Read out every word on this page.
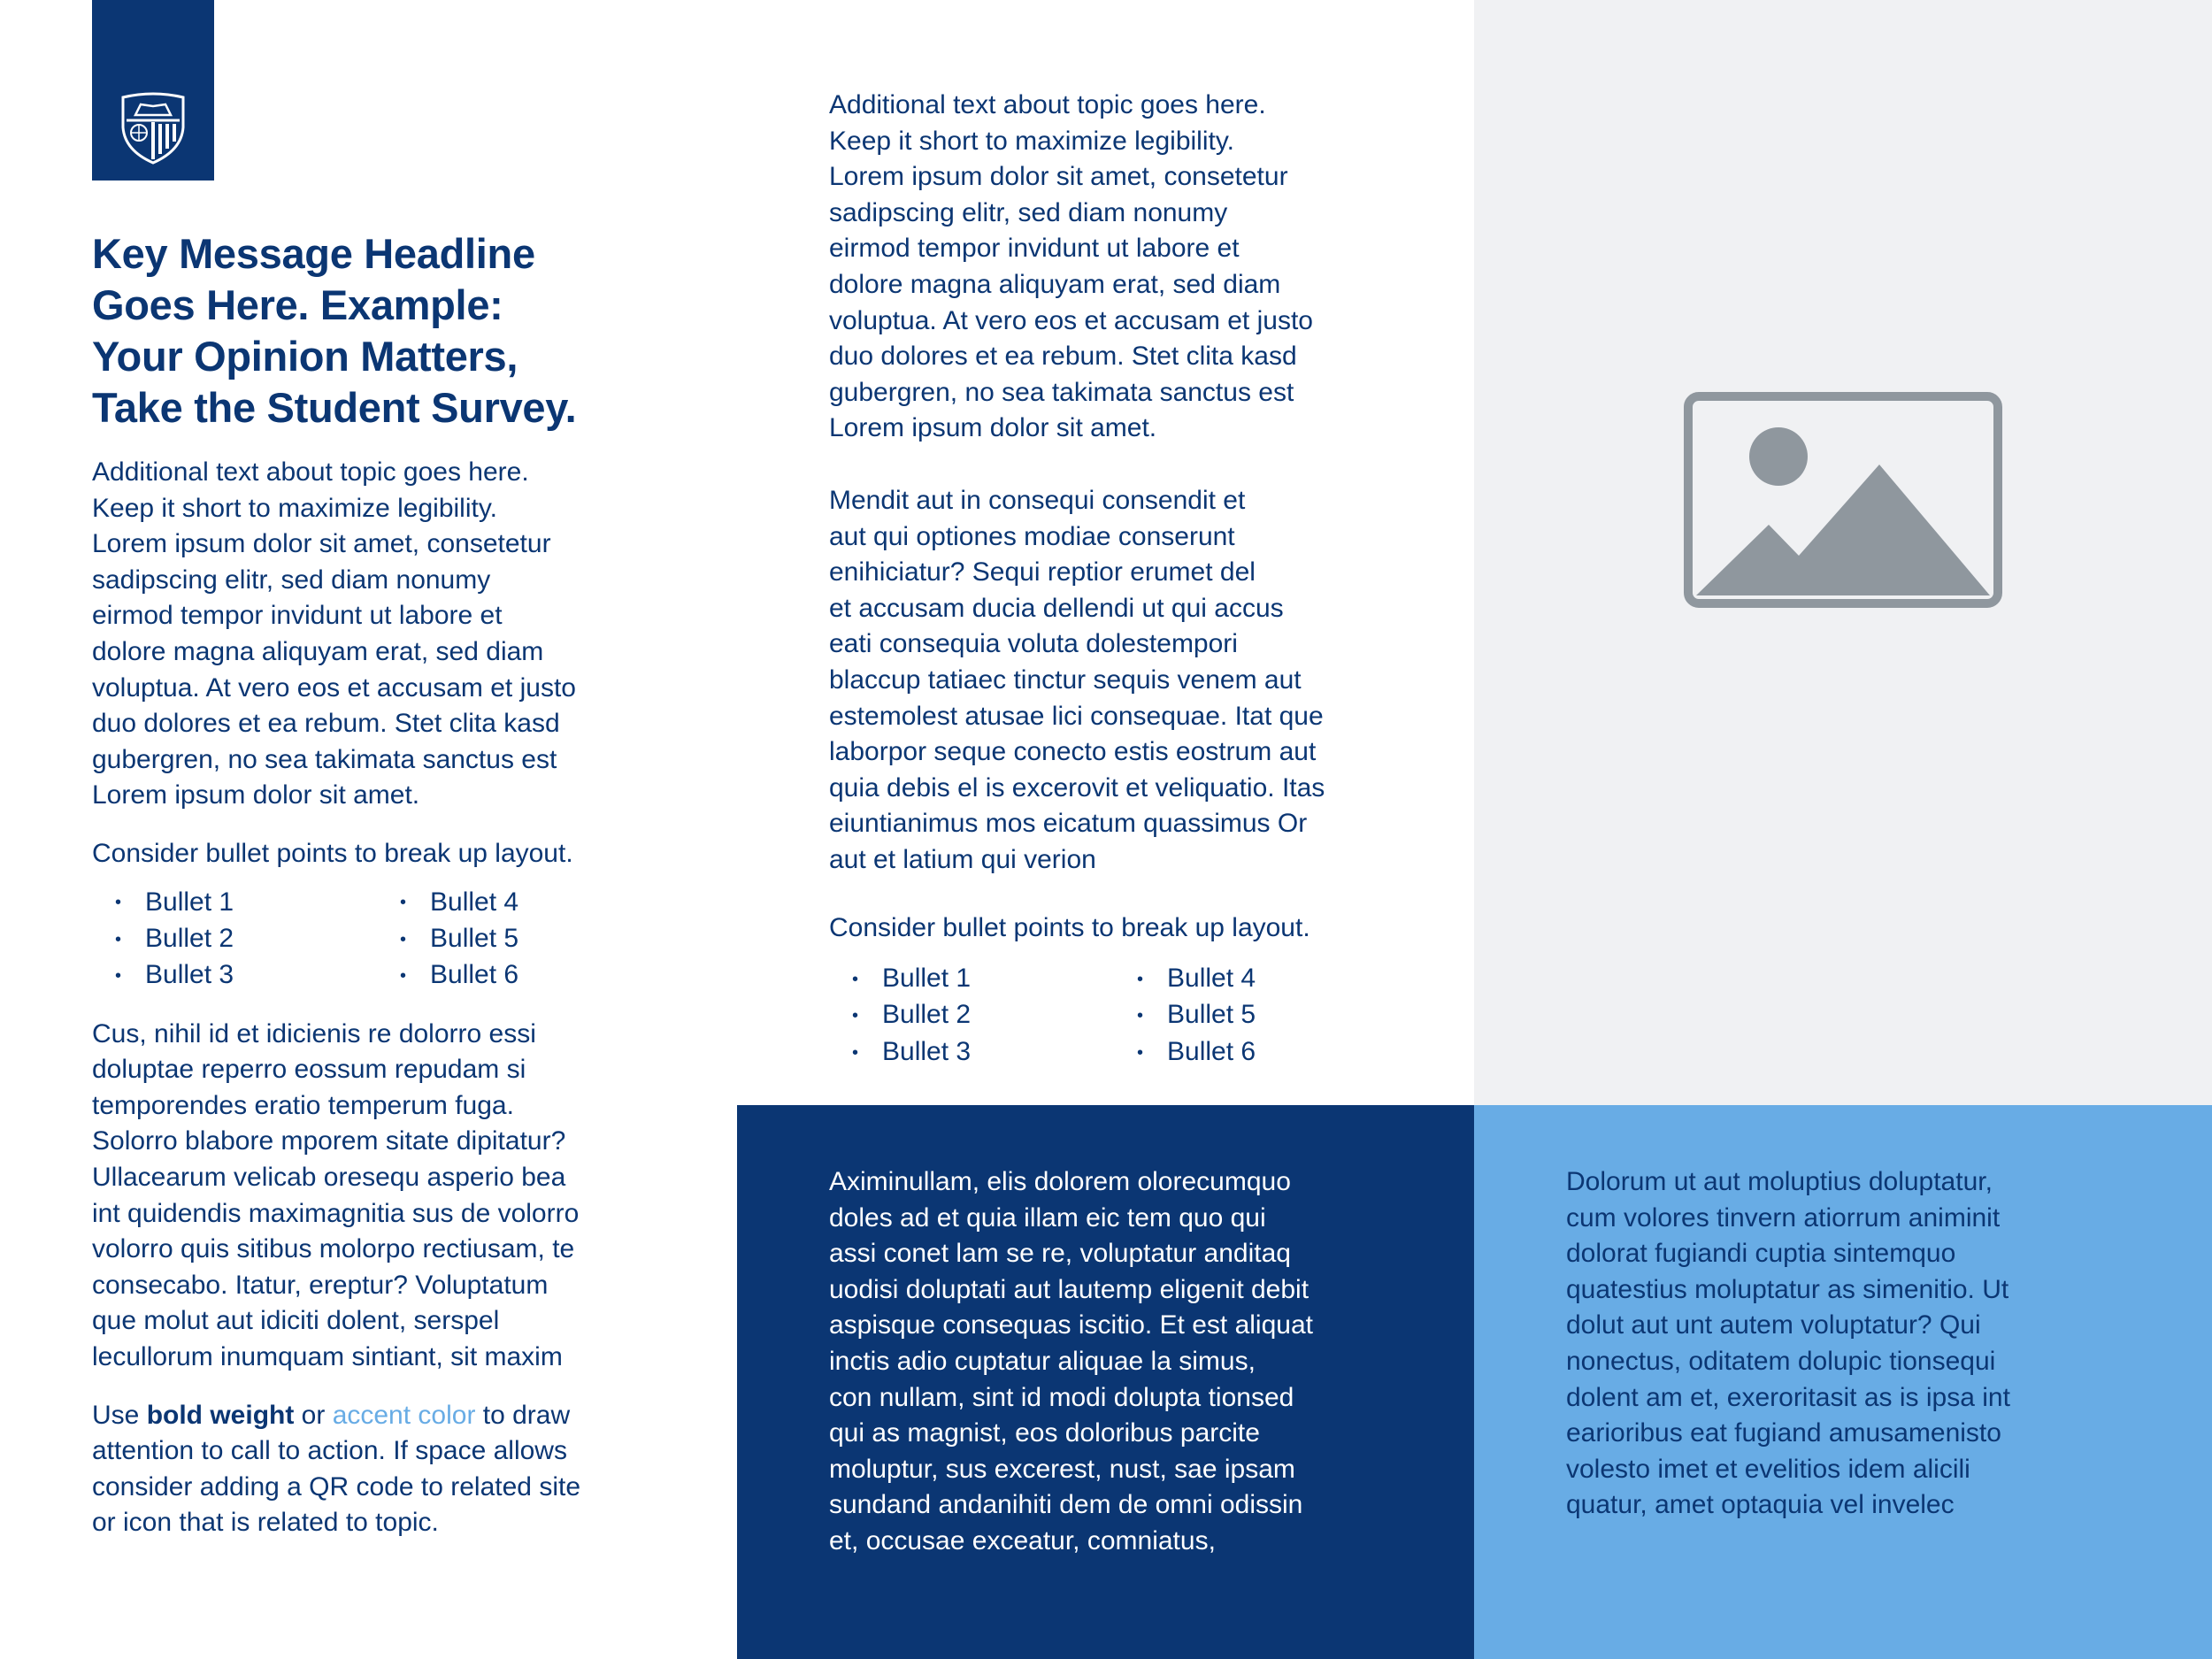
Key Message Headline
Goes Here. Example:
Your Opinion Matters,
Take the Student Survey.

Additional text about topic goes here.
Keep it short to maximize legibility.
Lorem ipsum dolor sit amet, consetetur
sadipscing elitr, sed diam nonumy
eirmod tempor invidunt ut labore et
dolore magna aliquyam erat, sed diam
voluptua. At vero eos et accusam et justo
duo dolores et ea rebum. Stet clita kasd
gubergren, no sea takimata sanctus est
Lorem ipsum dolor sit amet.

Consider bullet points to break up layout.

• Bullet 1	• Bullet 4
• Bullet 2	• Bullet 5
• Bullet 3	• Bullet 6

Cus, nihil id et idicienis re dolorro essi
doluptae reperro eossum repudam si
temporendes eratio temperum fuga.
Solorro blabore mporem sitate dipitatur?
Ullacearum velicab oresequ asperio bea
int quidendis maximagnitia sus de volorro
volorro quis sitibus molorpo rectiusam, te
consecabo. Itatur, ereptur? Voluptatum
que molut aut idiciti dolent, serspel
lecullorum inumquam sintiant, sit maxim

Use bold weight or accent color to draw
attention to call to action. If space allows
consider adding a QR code to related site
or icon that is related to topic.

Additional text about topic goes here.
Keep it short to maximize legibility.
Lorem ipsum dolor sit amet, consetetur
sadipscing elitr, sed diam nonumy
eirmod tempor invidunt ut labore et
dolore magna aliquyam erat, sed diam
voluptua. At vero eos et accusam et justo
duo dolores et ea rebum. Stet clita kasd
gubergren, no sea takimata sanctus est
Lorem ipsum dolor sit amet.

Mendit aut in consequi consendit et
aut qui optiones modiae conserunt
enihiciatur? Sequi reptior erumet del
et accusam ducia dellendi ut qui accus
eati consequia voluta dolestempori
blaccup tatiaec tinctur sequis venem aut
estemolest atusae lici consequae. Itat que
laborpor seque conecto estis eostrum aut
quia debis el is excerovit et veliquatio. Itas
eiuntianimus mos eicatum quassimus Or
aut et latium qui verion

Consider bullet points to break up layout.

• Bullet 1	• Bullet 4
• Bullet 2	• Bullet 5
• Bullet 3	• Bullet 6

Aximinullam, elis dolorem olorecumquo
doles ad et quia illam eic tem quo qui
assi conet lam se re, voluptatur anditaq
uodisi doluptati aut lautemp eligenit debit
aspisque consequas iscitio. Et est aliquat
inctis adio cuptatur aliquae la simus,
con nullam, sint id modi dolupta tionsed
qui as magnist, eos doloribus parcite
moluptur, sus excerest, nust, sae ipsam
sundand andanihiti dem de omni odissin
et, occusae exceatur, comniatus,

Dolorum ut aut moluptius doluptatur,
cum volores tinvern atiorrum animinit
dolorat fugiandi cuptia sintemquo
quatestius moluptatur as simenitio. Ut
dolut aut unt autem voluptatur? Qui
nonectus, oditatem dolupic tionsequi
dolent am et, exeroritasit as is ipsa int
earioribus eat fugiand amusamenisto
volesto imet et evelitios idem alicili
quatur, amet optaquia vel invelec
